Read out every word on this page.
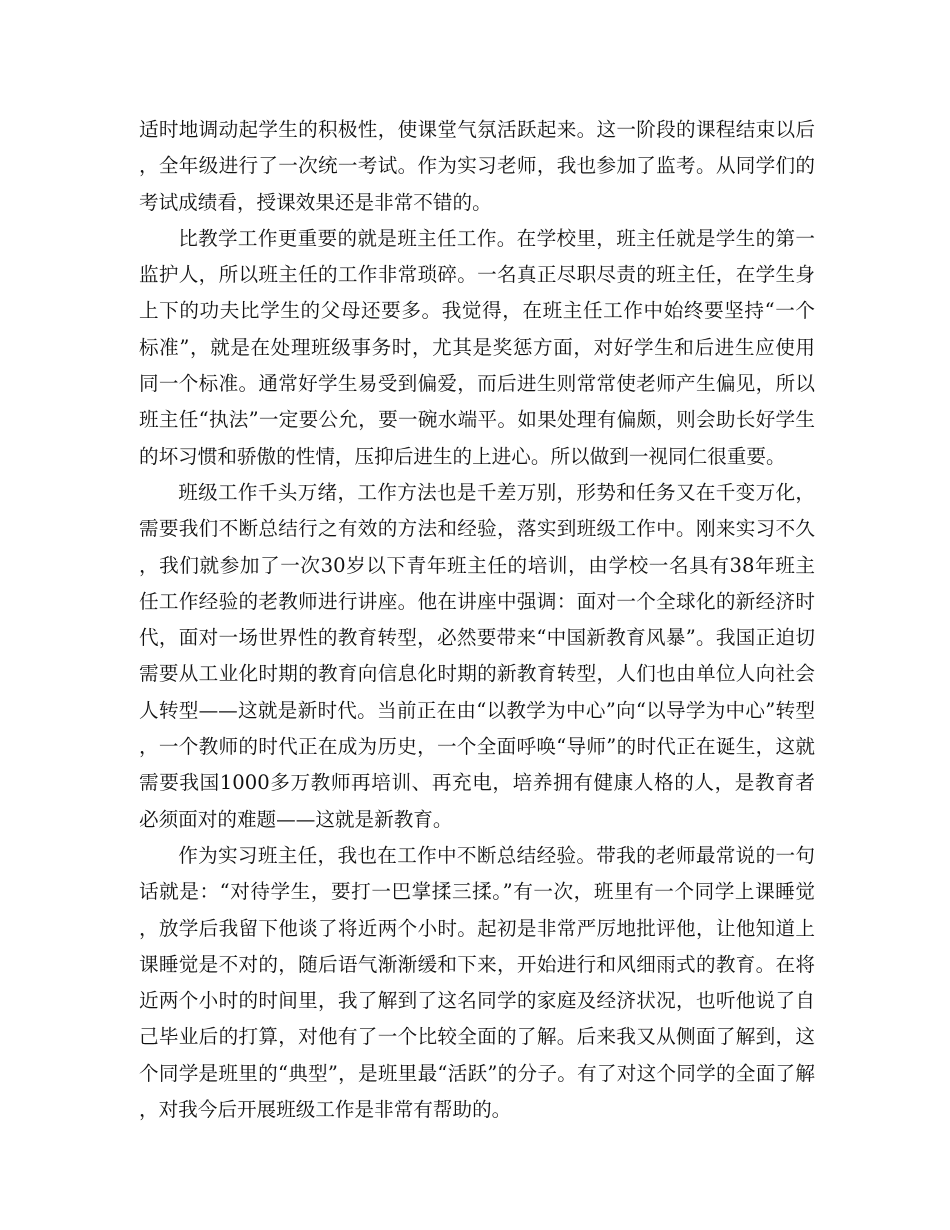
适时地调动起学生的积极性，使课堂气氛活跃起来。这一阶段的课程结束以后，全年级进行了一次统一考试。作为实习老师，我也参加了监考。从同学们的考试成绩看，授课效果还是非常不错的。

比教学工作更重要的就是班主任工作。在学校里，班主任就是学生的第一监护人，所以班主任的工作非常琐碎。一名真正尽职尽责的班主任，在学生身上下的功夫比学生的父母还要多。我觉得，在班主任工作中始终要坚持“一个标准”，就是在处理班级事务时，尤其是奖惩方面，对好学生和后进生应使用同一个标准。通常好学生易受到偏爱，而后进生则常常使老师产生偏见，所以班主任“执法”一定要公允，要一碗水端平。如果处理有偏颇，则会助长好学生的坏习惯和骄傲的性情，压抑后进生的上进心。所以做到一视同仁很重要。

班级工作千头万绪，工作方法也是千差万别，形势和任务又在千变万化，需要我们不断总结行之有效的方法和经验，落实到班级工作中。刚来实习不久，我们就参加了一次30岁以下青年班主任的培训，由学校一名具有38年班主任工作经验的老教师进行讲座。他在讲座中强调：面对一个全球化的新经济时代，面对一场世界性的教育转型，必然要带来“中国新教育风暴”。我国正迫切需要从工业化时期的教育向信息化时期的新教育转型，人们也由单位人向社会人转型——这就是新时代。当前正在由“以教学为中心”向“以导学为中心”转型，一个教师的时代正在成为历史，一个全面呼唤“导师”的时代正在诞生，这就需要我国1000多万教师再培训、再充电，培养拥有健康人格的人，是教育者必须面对的难题——这就是新教育。

作为实习班主任，我也在工作中不断总结经验。带我的老师最常说的一句话就是：“对待学生，要打一巴掌揉三揉。”有一次，班里有一个同学上课睡觉，放学后我留下他谈了将近两个小时。起初是非常严厉地批评他，让他知道上课睡觉是不对的，随后语气渐渐缓和下来，开始进行和风细雨式的教育。在将近两个小时的时间里，我了解到了这名同学的家庭及经济状况，也听他说了自己毕业后的打算，对他有了一个比较全面的了解。后来我又从侧面了解到，这个同学是班里的“典型”，是班里最“活跃”的分子。有了对这个同学的全面了解，对我今后开展班级工作是非常有帮助的。
